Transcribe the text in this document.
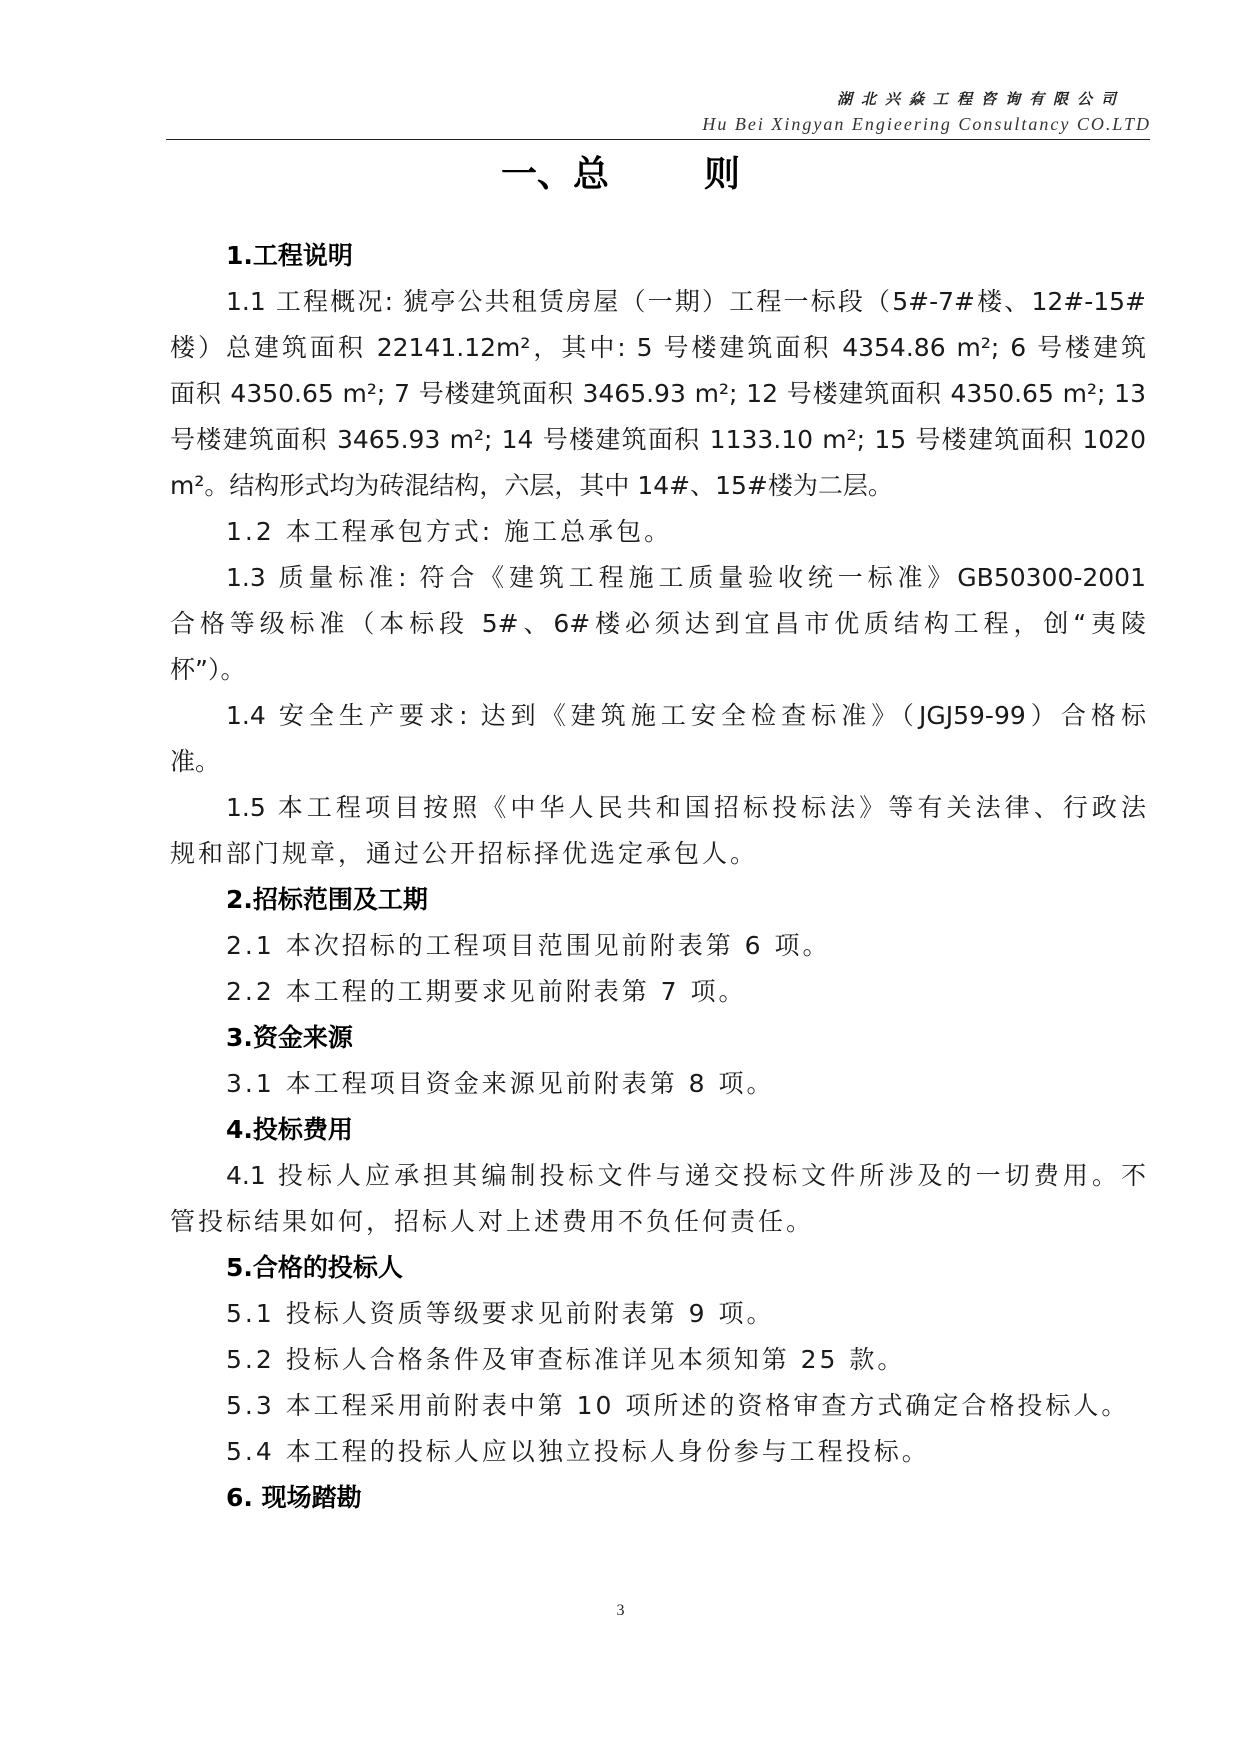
湖北兴焱工程咨询有限公司
Hu Bei Xingyan Engieering Consultancy CO.LTD
一、总	则
1.工程说明
1.1 工程概况: 猇亭公共租赁房屋（一期）工程一标段（5#-7#楼、12#-15#
楼）总建筑面积 22141.12m²，其中: 5 号楼建筑面积 4354.86 m²; 6 号楼建筑
面积 4350.65 m²; 7 号楼建筑面积 3465.93 m²; 12 号楼建筑面积 4350.65 m²; 13
号楼建筑面积 3465.93 m²; 14 号楼建筑面积 1133.10 m²; 15 号楼建筑面积 1020
m²。结构形式均为砖混结构，六层，其中 14#、15#楼为二层。
1.2 本工程承包方式: 施工总承包。
1.3 质量标准: 符合《建筑工程施工质量验收统一标准》GB50300-2001
合格等级标准（本标段 5#、6#楼必须达到宜昌市优质结构工程，创“夷陵
杯”）。
1.4 安全生产要求: 达到《建筑施工安全检查标准》（JGJ59-99）合格标
准。
1.5 本工程项目按照《中华人民共和国招标投标法》等有关法律、行政法
规和部门规章，通过公开招标择优选定承包人。
2.招标范围及工期
2.1 本次招标的工程项目范围见前附表第 6 项。
2.2 本工程的工期要求见前附表第 7 项。
3.资金来源
3.1 本工程项目资金来源见前附表第 8 项。
4.投标费用
4.1 投标人应承担其编制投标文件与递交投标文件所涉及的一切费用。不
管投标结果如何，招标人对上述费用不负任何责任。
5.合格的投标人
5.1 投标人资质等级要求见前附表第 9 项。
5.2 投标人合格条件及审查标准详见本须知第 25 款。
5.3 本工程采用前附表中第 10 项所述的资格审查方式确定合格投标人。
5.4 本工程的投标人应以独立投标人身份参与工程投标。
6. 现场踏勘
3
